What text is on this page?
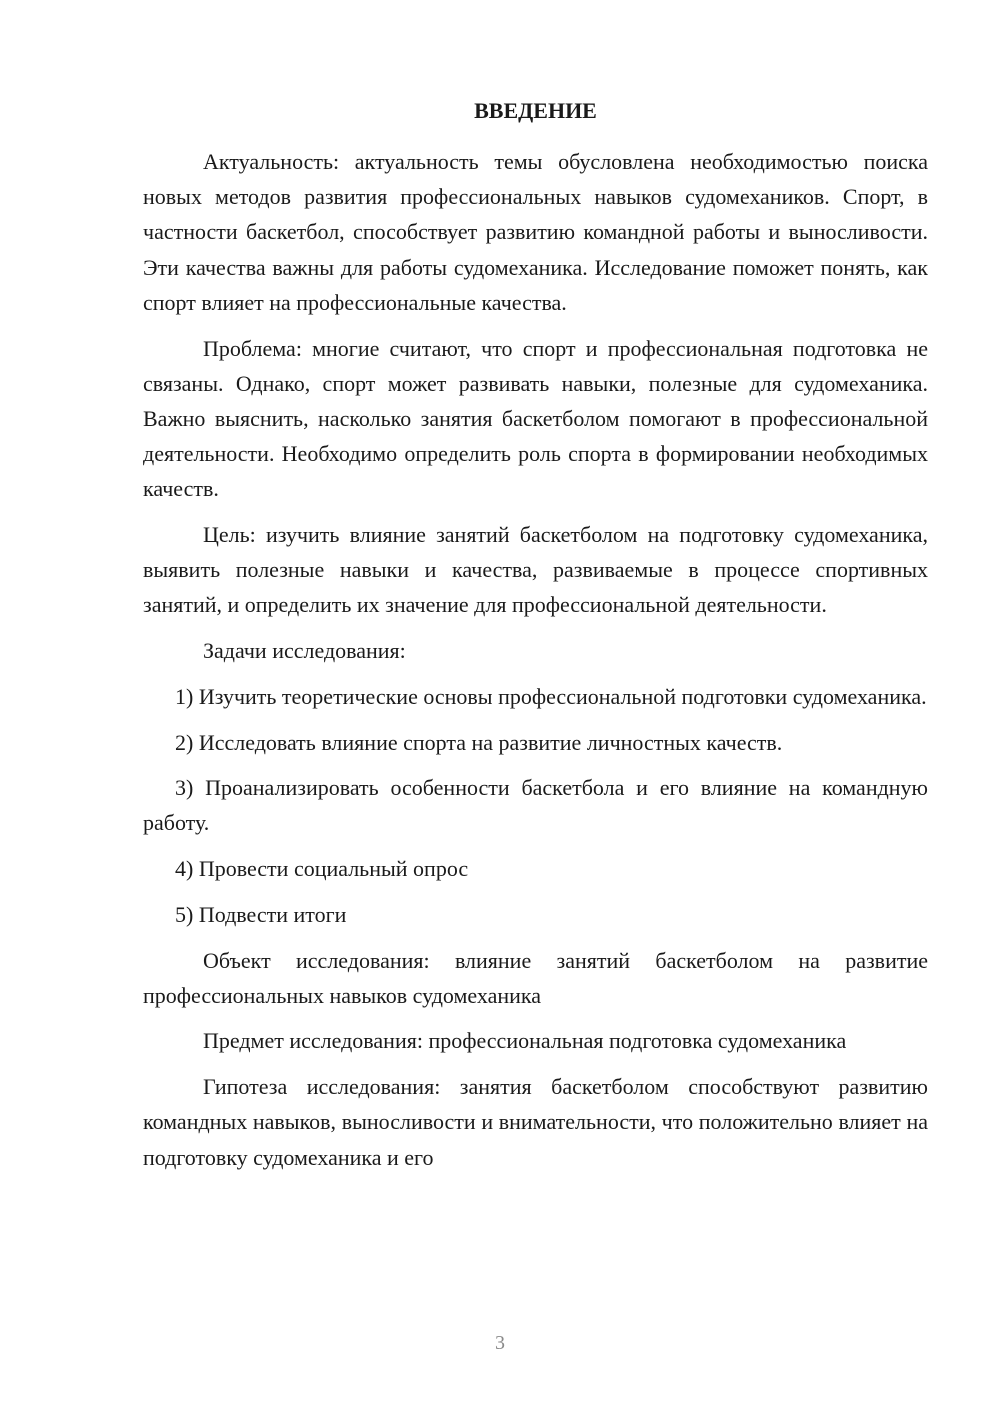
ВВЕДЕНИЕ

Актуальность: актуальность темы обусловлена необходимостью поиска новых методов развития профессиональных навыков судомехаников. Спорт, в частности баскетбол, способствует развитию командной работы и выносливости. Эти качества важны для работы судомеханика. Исследование поможет понять, как спорт влияет на профессиональные качества.

Проблема: многие считают, что спорт и профессиональная подготовка не связаны. Однако, спорт может развивать навыки, полезные для судомеханика. Важно выяснить, насколько занятия баскетболом помогают в профессиональной деятельности. Необходимо определить роль спорта в формировании необходимых качеств.

Цель: изучить влияние занятий баскетболом на подготовку судомеханика, выявить полезные навыки и качества, развиваемые в процессе спортивных занятий, и определить их значение для профессиональной деятельности.

Задачи исследования:

1) Изучить теоретические основы профессиональной подготовки судомеханика.

2) Исследовать влияние спорта на развитие личностных качеств.

3) Проанализировать особенности баскетбола и его влияние на командную работу.

4) Провести социальный опрос

5) Подвести итоги

Объект исследования: влияние занятий баскетболом на развитие профессиональных навыков судомеханика

Предмет исследования: профессиональная подготовка судомеханика

Гипотеза исследования: занятия баскетболом способствуют развитию командных навыков, выносливости и внимательности, что положительно влияет на подготовку судомеханика и его

3
